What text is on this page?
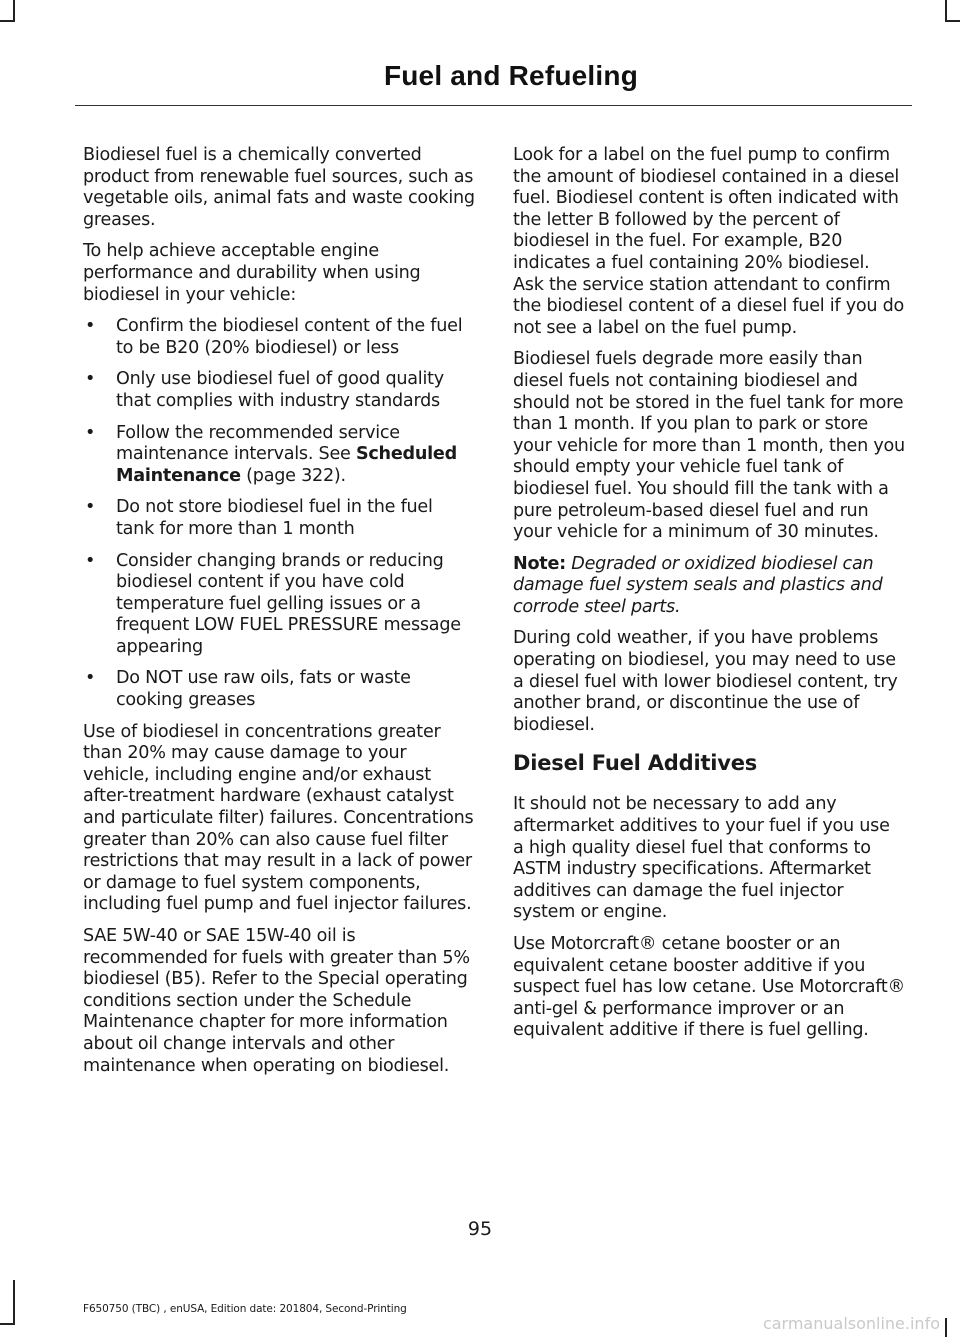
Fuel and Refueling

Biodiesel fuel is a chemically converted product from renewable fuel sources, such as vegetable oils, animal fats and waste cooking greases.

To help achieve acceptable engine performance and durability when using biodiesel in your vehicle:

• Confirm the biodiesel content of the fuel to be B20 (20% biodiesel) or less
• Only use biodiesel fuel of good quality that complies with industry standards
• Follow the recommended service maintenance intervals. See Scheduled Maintenance (page 322).
• Do not store biodiesel fuel in the fuel tank for more than 1 month
• Consider changing brands or reducing biodiesel content if you have cold temperature fuel gelling issues or a frequent LOW FUEL PRESSURE message appearing
• Do NOT use raw oils, fats or waste cooking greases

Use of biodiesel in concentrations greater than 20% may cause damage to your vehicle, including engine and/or exhaust after-treatment hardware (exhaust catalyst and particulate filter) failures. Concentrations greater than 20% can also cause fuel filter restrictions that may result in a lack of power or damage to fuel system components, including fuel pump and fuel injector failures.

SAE 5W-40 or SAE 15W-40 oil is recommended for fuels with greater than 5% biodiesel (B5). Refer to the Special operating conditions section under the Schedule Maintenance chapter for more information about oil change intervals and other maintenance when operating on biodiesel.

Look for a label on the fuel pump to confirm the amount of biodiesel contained in a diesel fuel. Biodiesel content is often indicated with the letter B followed by the percent of biodiesel in the fuel. For example, B20 indicates a fuel containing 20% biodiesel. Ask the service station attendant to confirm the biodiesel content of a diesel fuel if you do not see a label on the fuel pump.

Biodiesel fuels degrade more easily than diesel fuels not containing biodiesel and should not be stored in the fuel tank for more than 1 month. If you plan to park or store your vehicle for more than 1 month, then you should empty your vehicle fuel tank of biodiesel fuel. You should fill the tank with a pure petroleum-based diesel fuel and run your vehicle for a minimum of 30 minutes.

Note: Degraded or oxidized biodiesel can damage fuel system seals and plastics and corrode steel parts.

During cold weather, if you have problems operating on biodiesel, you may need to use a diesel fuel with lower biodiesel content, try another brand, or discontinue the use of biodiesel.

Diesel Fuel Additives

It should not be necessary to add any aftermarket additives to your fuel if you use a high quality diesel fuel that conforms to ASTM industry specifications. Aftermarket additives can damage the fuel injector system or engine.

Use Motorcraft® cetane booster or an equivalent cetane booster additive if you suspect fuel has low cetane. Use Motorcraft® anti-gel & performance improver or an equivalent additive if there is fuel gelling.

95
F650750 (TBC) , enUSA, Edition date: 201804, Second-Printing
carmanualsonline.info
